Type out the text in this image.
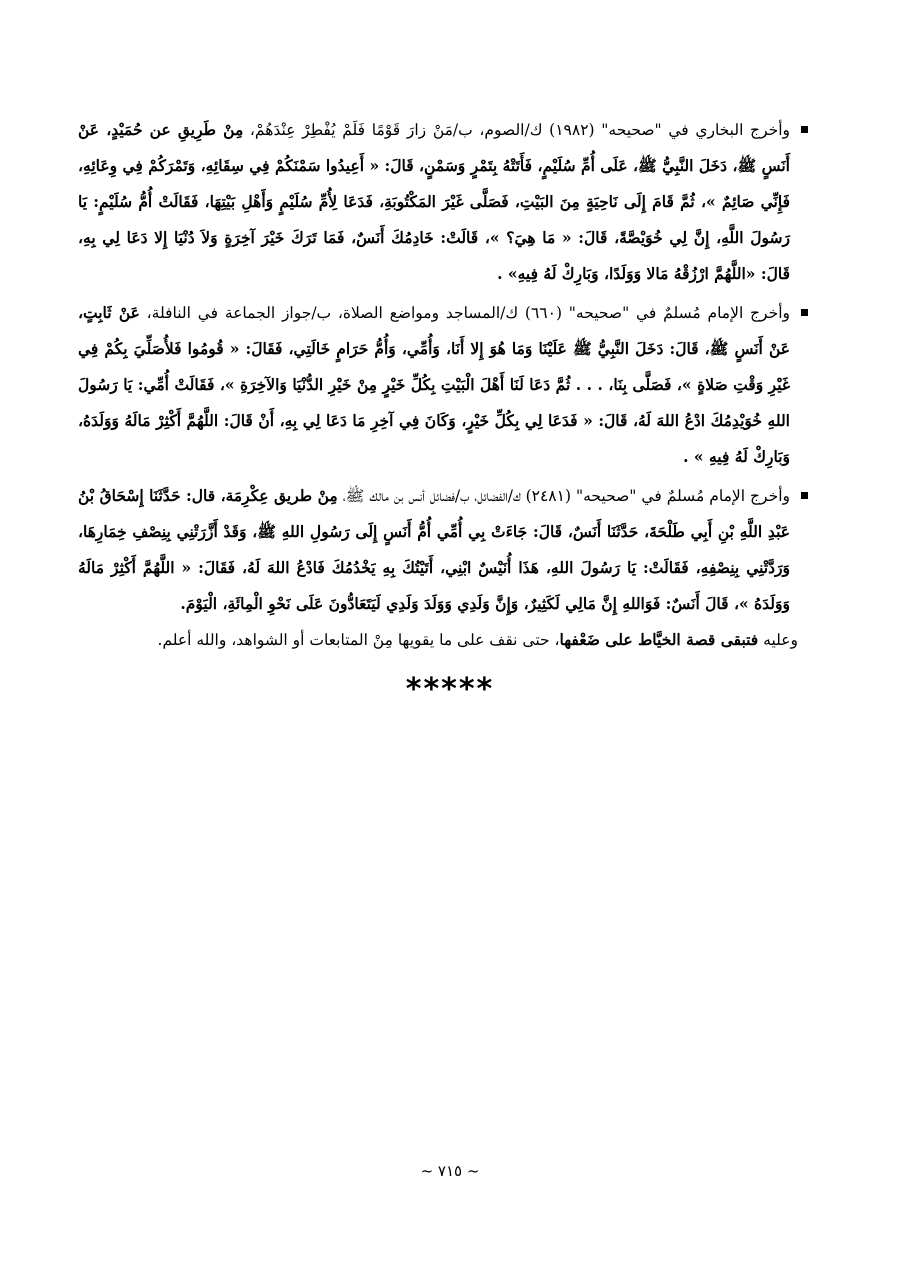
وأخرج البخاري في "صحيحه" (١٩٨٢) ك/الصوم، ب/مَنْ زارَ قَوْمًا فَلَمْ يُفْطِرْ عِنْدَهُمْ، مِنْ طَرِيقِ عن حُمَيْدٍ، عَنْ أَنَسٍ ﷺ، دَخَلَ النَّبِيُّ ﷺ، عَلَى أُمِّ سُلَيْمٍ، فَأَتَتْهُ بِتَمْرٍ وَسَمْنٍ، قَالَ: « أَعِيدُوا سَمْنَكُمْ فِي سِقَائِهِ، وَتَمْرَكُمْ فِي وِعَائِهِ، فَإِنِّي صَائِمٌ »، ثُمَّ قَامَ إِلَى نَاحِيَةٍ مِنَ البَيْتِ، فَصَلَّى غَيْرَ المَكْتُوبَةِ، فَدَعَا لِأُمِّ سُلَيْمٍ وَأَهْلِ بَيْتِهَا، فَقَالَتْ أُمُّ سُلَيْمٍ: يَا رَسُولَ اللَّهِ، إِنَّ لِي خُوَيْصَّةً، قَالَ: « مَا هِيَ؟ »، قَالَتْ: خَادِمُكَ أَنَسٌ، فَمَا تَرَكَ خَيْرَ آخِرَةٍ وَلاَ دُنْيَا إِلا دَعَا لِي بِهِ، قَالَ: «اللَّهُمَّ ارْزُقْهُ مَالا وَوَلَدًا، وَبَارِكْ لَهُ فِيهِ» .

وأخرج الإمام مُسلمٌ في "صحيحه" (٦٦٠) ك/المساجد ومواضع الصلاة، ب/جواز الجماعة في النافلة، عَنْ ثَابِتٍ، عَنْ أَنَسٍ ﷺ، قَالَ: دَخَلَ النَّبِيُّ ﷺ عَلَيْنَا وَمَا هُوَ إِلا أَنَا، وَأُمِّي، وَأُمُّ حَرَامٍ خَالَتِي، فَقَالَ: « قُومُوا فَلأُصَلِّيَ بِكُمْ فِي غَيْرِ وَقْتِ صَلاةٍ »، فَصَلَّى بِنَا، . . . ثُمَّ دَعَا لَنَا أَهْلَ الْبَيْتِ بِكُلِّ خَيْرٍ مِنْ خَيْرِ الدُّنْيَا وَالآخِرَةِ »، فَقَالَتْ أُمِّي: يَا رَسُولَ اللهِ خُوَيْدِمُكَ ادْعُ اللهَ لَهُ، قَالَ: « فَدَعَا لِي بِكُلِّ خَيْرٍ، وَكَانَ فِي آخِرِ مَا دَعَا لِي بِهِ، أَنْ قَالَ: اللَّهُمَّ أَكْثِرْ مَالَهُ وَوَلَدَهُ، وَبَارِكْ لَهُ فِيهِ » .

وأخرج الإمام مُسلمٌ في "صحيحه" (٢٤٨١) ك/الفضائل، ب/فضائل أنس بن مالك ﷺ، مِنْ طريق عِكْرِمَة، قال: حَدَّثَنَا إِسْحَاقُ بْنُ عَبْدِ اللَّهِ بْنِ أَبِي طَلْحَةَ، حَدَّثَنَا أَنَسٌ، قَالَ: جَاءَتْ بِي أُمِّي أُمُّ أَنَسٍ إِلَى رَسُولِ اللهِ ﷺ، وَقَدْ أَزَّرَتْنِي بِنِصْفِ خِمَارِهَا، وَرَدَّتْنِي بِنِصْفِهِ، فَقَالَتْ: يَا رَسُولَ اللهِ، هَذَا أُنَيْسٌ ابْنِي، أَتَيْتُكَ بِهِ يَخْدُمُكَ فَادْعُ اللهَ لَهُ، فَقَالَ: « اللَّهُمَّ أَكْثِرْ مَالَهُ وَوَلَدَهُ »، قَالَ أَنَسٌ: فَوَاللهِ إِنَّ مَالِي لَكَثِيرٌ، وَإِنَّ وَلَدِي وَوَلَدَ وَلَدِي لَيَتَعَادُّونَ عَلَى نَحْوِ الْمِائَةِ، الْيَوْمَ.

وعليه فتبقى قصة الخيَّاط على ضَعْفها، حتى نقف على ما يقويها مِنْ المتابعات أو الشواهد، والله أعلم.

*****
~ ٧١٥ ~
